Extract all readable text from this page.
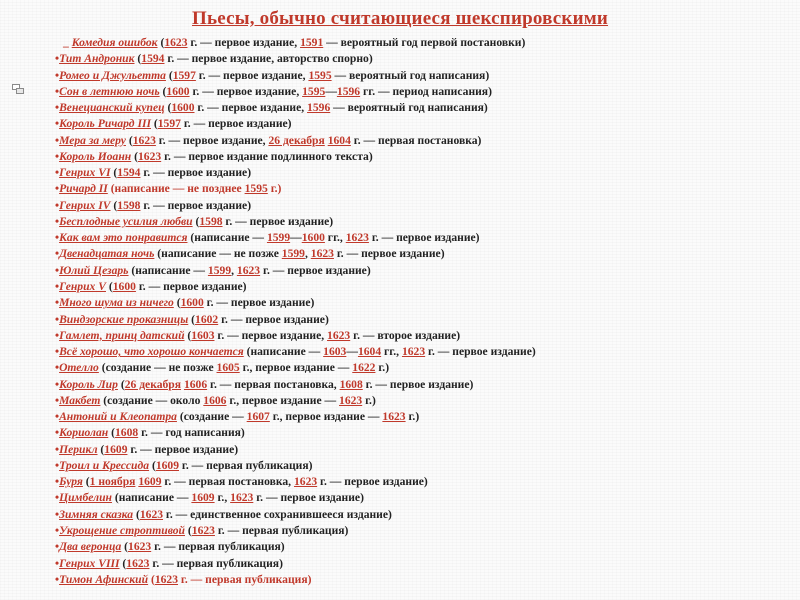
Пьесы, обычно считающиеся шекспировскими
_ Комедия ошибок (1623 г. — первое издание, 1591 — вероятный год первой постановки)
•Тит Андроник (1594 г. — первое издание, авторство спорно)
•Ромео и Джульетта (1597 г. — первое издание, 1595 — вероятный год написания)
•Сон в летнюю ночь (1600 г. — первое издание, 1595—1596 гг. — период написания)
•Венецианский купец (1600 г. — первое издание, 1596 — вероятный год написания)
•Король Ричард III (1597 г. — первое издание)
•Мера за меру (1623 г. — первое издание, 26 декабря 1604 г. — первая постановка)
•Король Иоанн (1623 г. — первое издание подлинного текста)
•Генрих VI (1594 г. — первое издание)
•Ричард II (написание — не позднее 1595 г.)
•Генрих IV (1598 г. — первое издание)
•Бесплодные усилия любви (1598 г. — первое издание)
•Как вам это понравится (написание — 1599—1600 гг., 1623 г. — первое издание)
•Двенадцатая ночь (написание — не позже 1599, 1623 г. — первое издание)
•Юлий Цезарь (написание — 1599, 1623 г. — первое издание)
•Генрих V (1600 г. — первое издание)
•Много шума из ничего (1600 г. — первое издание)
•Виндзорские проказницы (1602 г. — первое издание)
•Гамлет, принц датский (1603 г. — первое издание, 1623 г. — второе издание)
•Всё хорошо, что хорошо кончается (написание — 1603—1604 гг., 1623 г. — первое издание)
•Отелло (создание — не позже 1605 г., первое издание — 1622 г.)
•Король Лир (26 декабря 1606 г. — первая постановка, 1608 г. — первое издание)
•Макбет (создание — около 1606 г., первое издание — 1623 г.)
•Антоний и Клеопатра (создание — 1607 г., первое издание — 1623 г.)
•Кориолан (1608 г. — год написания)
•Перикл (1609 г. — первое издание)
•Троил и Крессида (1609 г. — первая публикация)
•Буря (1 ноября 1609 г. — первая постановка, 1623 г. — первое издание)
•Цимбелин (написание — 1609 г., 1623 г. — первое издание)
•Зимняя сказка (1623 г. — единственное сохранившееся издание)
•Укрощение строптивой (1623 г. — первая публикация)
•Два веронца (1623 г. — первая публикация)
•Генрих VIII (1623 г. — первая публикация)
•Тимон Афинский (1623 г. — первая публикация)
